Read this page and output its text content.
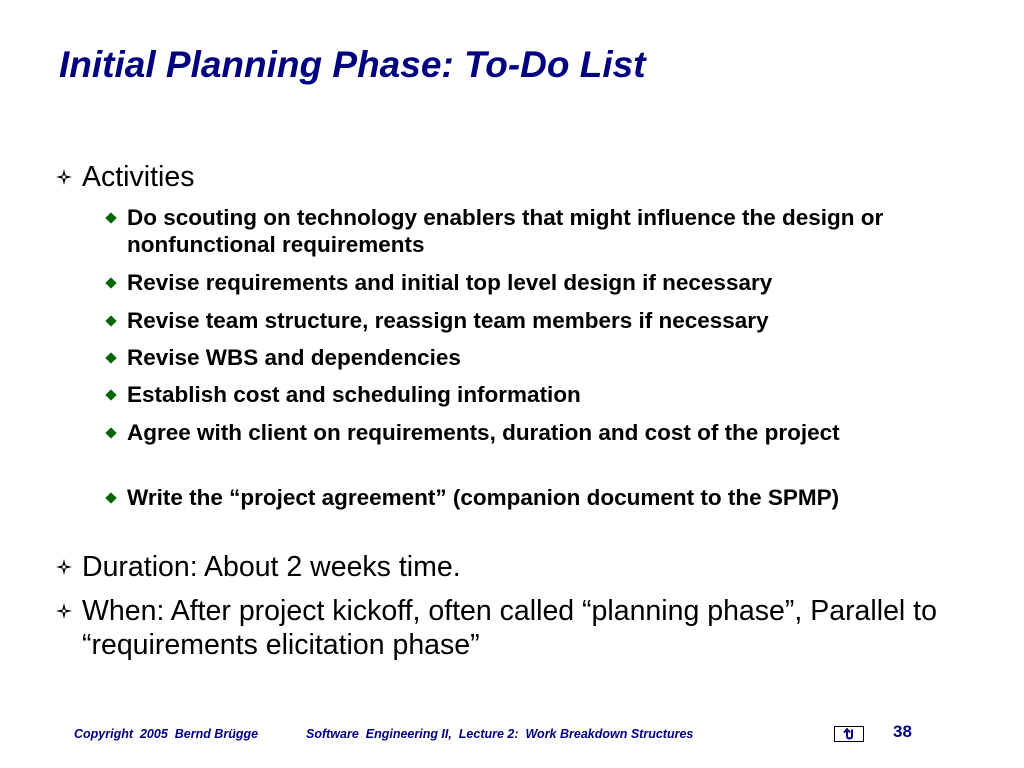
Initial Planning Phase: To-Do List
Activities
Do scouting on technology enablers that might influence the design or nonfunctional requirements
Revise requirements and initial top level design if necessary
Revise team structure, reassign team members if necessary
Revise WBS and dependencies
Establish cost and scheduling information
Agree with client on requirements, duration and cost of the project
Write the “project agreement” (companion document to the SPMP)
Duration: About 2 weeks time.
When: After project kickoff, often called “planning phase”, Parallel to “requirements elicitation phase”
Copyright  2005  Bernd Brügge	Software  Engineering II,  Lecture 2:  Work Breakdown Structures	38
